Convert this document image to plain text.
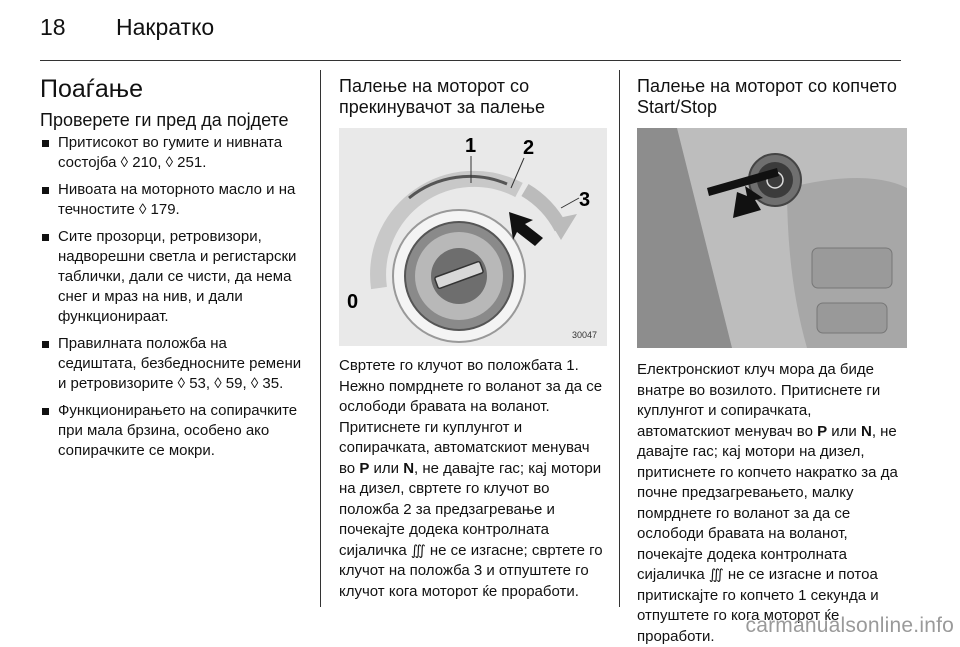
18 Накратко
Поаѓање
Проверете ги пред да појдете
Притисокот во гумите и нивната состојба ◊ 210, ◊ 251.
Нивоата на моторното масло и на течностите ◊ 179.
Сите прозорци, ретровизори, надворешни светла и регистарски таблички, дали се чисти, да нема снег и мраз на нив, и дали функционираат.
Правилната положба на седиштата, безбедносните ремени и ретровизорите ◊ 53, ◊ 59, ◊ 35.
Функционирањето на сопирачките при мала брзина, особено ако сопирачките се мокри.
Палење на моторот со прекинувачот за палење
0
1 2
3
30047
Свртете го клучот во положбата 1. Нежно помрднете го воланот за да се ослободи бравата на воланот. Притиснете ги куплунгот и сопирачката, автоматскиот менувач во P или N, не давајте гас; кај мотори на дизел, свртете го клучот во положба 2 за предзагревање и почекајте додека контролната сијаличка ∭ не се изгасне; свртете го клучот на положба 3 и отпуштете го клучот кога моторот ќе проработи.
Палење на моторот со копчето Start/Stop
Електронскиот клуч мора да биде внатре во возилото. Притиснете ги куплунгот и сопирачката, автоматскиот менувач во P или N, не давајте гас; кај мотори на дизел, притиснете го копчето накратко за да почне предзагревањето, малку помрднете го воланот за да се ослободи бравата на воланот, почекајте додека контролната сијаличка ∭ не се изгасне и потоа притискајте го копчето 1 секунда и отпуштете го кога моторот ќе проработи.	carmanualsonline.info
